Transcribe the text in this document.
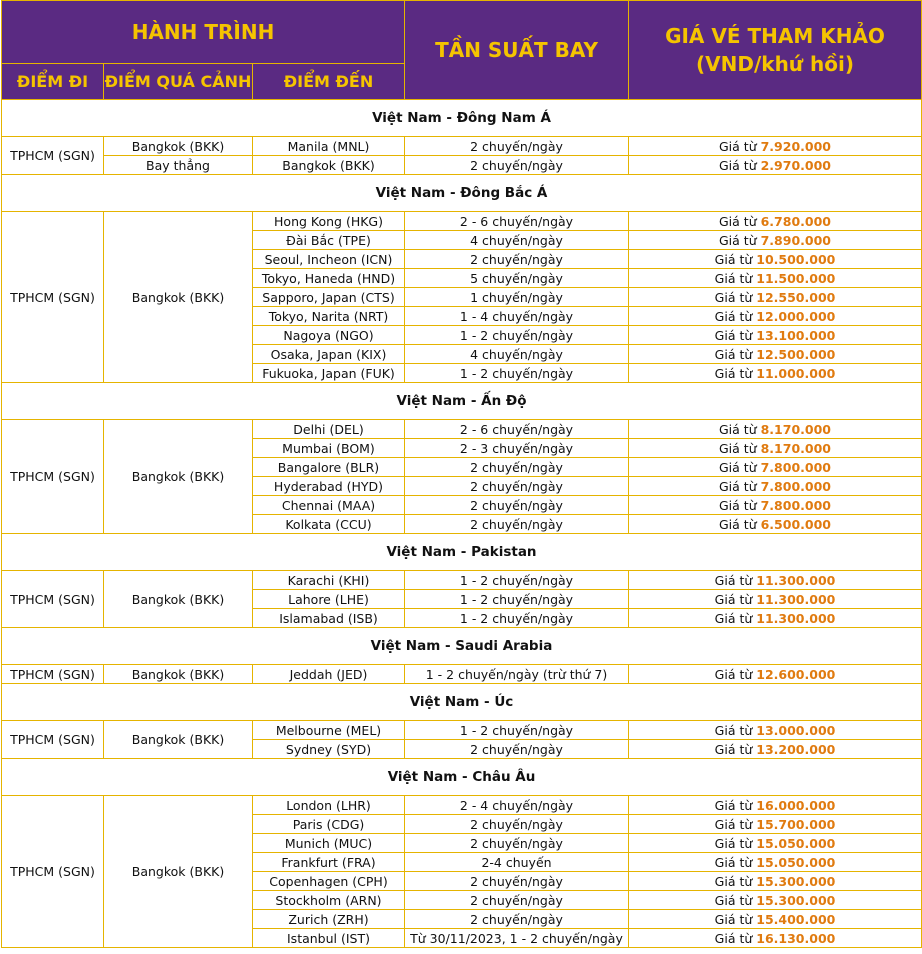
HÀNH TRÌNH			TẦN SUẤT BAY	GIÁ VÉ THAM KHẢO
(VND/khứ hồi)

ĐIỂM ĐI	ĐIỂM QUÁ CẢNH	ĐIỂM ĐẾN		
Việt Nam - Đông Nam Á				
TPHCM (SGN)	Bangkok (BKK)	Manila (MNL)	2 chuyến/ngày	Giá từ 7.920.000
	Bay thẳng	Bangkok (BKK)	2 chuyến/ngày	Giá từ 2.970.000
Việt Nam - Đông Bắc Á				
TPHCM (SGN)	Bangkok (BKK)	Hong Kong (HKG)	2 - 6 chuyến/ngày	Giá từ 6.780.000
		Đài Bắc (TPE)	4 chuyến/ngày	Giá từ 7.890.000
		Seoul, Incheon (ICN)	2 chuyến/ngày	Giá từ 10.500.000
		Tokyo, Haneda (HND)	5 chuyến/ngày	Giá từ 11.500.000
		Sapporo, Japan (CTS)	1 chuyến/ngày	Giá từ 12.550.000
		Tokyo, Narita (NRT)	1 - 4 chuyến/ngày	Giá từ 12.000.000
		Nagoya (NGO)	1 - 2 chuyến/ngày	Giá từ 13.100.000
		Osaka, Japan (KIX)	4 chuyến/ngày	Giá từ 12.500.000
		Fukuoka, Japan (FUK)	1 - 2 chuyến/ngày	Giá từ 11.000.000
Việt Nam - Ấn Độ				
TPHCM (SGN)	Bangkok (BKK)	Delhi (DEL)	2 - 6 chuyến/ngày	Giá từ 8.170.000
		Mumbai (BOM)	2 - 3 chuyến/ngày	Giá từ 8.170.000
		Bangalore (BLR)	2 chuyến/ngày	Giá từ 7.800.000
		Hyderabad (HYD)	2 chuyến/ngày	Giá từ 7.800.000
		Chennai (MAA)	2 chuyến/ngày	Giá từ 7.800.000
		Kolkata (CCU)	2 chuyến/ngày	Giá từ 6.500.000
Việt Nam - Pakistan				
TPHCM (SGN)	Bangkok (BKK)	Karachi (KHI)	1 - 2 chuyến/ngày	Giá từ 11.300.000
		Lahore (LHE)	1 - 2 chuyến/ngày	Giá từ 11.300.000
		Islamabad (ISB)	1 - 2 chuyến/ngày	Giá từ 11.300.000
Việt Nam - Saudi Arabia				
TPHCM (SGN)	Bangkok (BKK)	Jeddah (JED)	1 - 2 chuyến/ngày (trừ thứ 7)	Giá từ 12.600.000
Việt Nam - Úc				
TPHCM (SGN)	Bangkok (BKK)	Melbourne (MEL)	1 - 2 chuyến/ngày	Giá từ 13.000.000
		Sydney (SYD)	2 chuyến/ngày	Giá từ 13.200.000
Việt Nam - Châu Âu				
TPHCM (SGN)	Bangkok (BKK)	London (LHR)	2 - 4 chuyến/ngày	Giá từ 16.000.000
		Paris (CDG)	2 chuyến/ngày	Giá từ 15.700.000
		Munich (MUC)	2 chuyến/ngày	Giá từ 15.050.000
		Frankfurt (FRA)	2-4 chuyến	Giá từ 15.050.000
		Copenhagen (CPH)	2 chuyến/ngày	Giá từ 15.300.000
		Stockholm (ARN)	2 chuyến/ngày	Giá từ 15.300.000
		Zurich (ZRH)	2 chuyến/ngày	Giá từ 15.400.000
		Istanbul (IST)	Từ 30/11/2023, 1 - 2 chuyến/ngày	Giá từ 16.130.000
